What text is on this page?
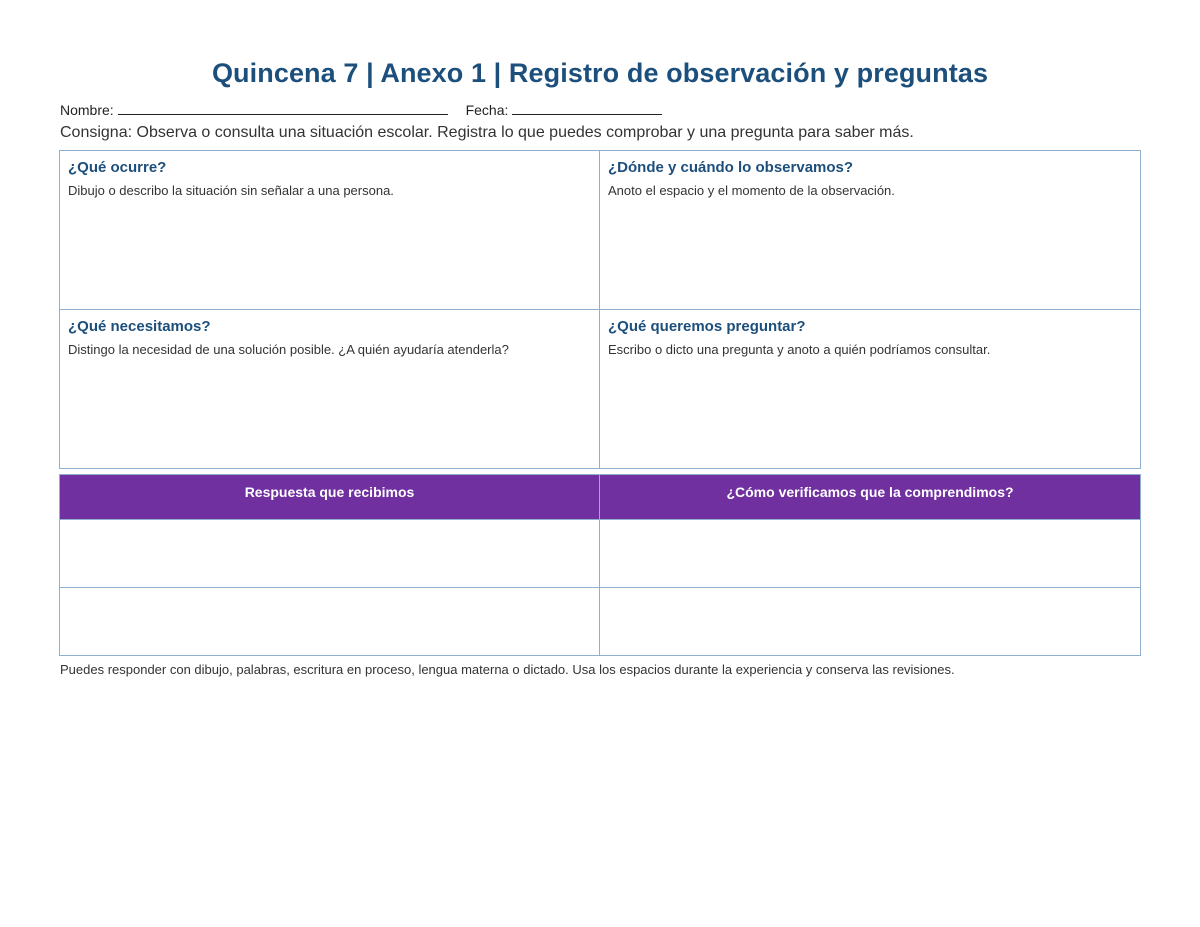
Quincena 7 | Anexo 1 | Registro de observación y preguntas
Nombre:	Fecha:
Consigna: Observa o consulta una situación escolar. Registra lo que puedes comprobar y una pregunta para saber más.
¿Qué ocurre?
Dibujo o describo la situación sin señalar a una persona.
¿Dónde y cuándo lo observamos?
Anoto el espacio y el momento de la observación.
¿Qué necesitamos?
Distingo la necesidad de una solución posible. ¿A quién ayudaría atenderla?
¿Qué queremos preguntar?
Escribo o dicto una pregunta y anoto a quién podríamos consultar.
Respuesta que recibimos	¿Cómo verificamos que la comprendimos?
Puedes responder con dibujo, palabras, escritura en proceso, lengua materna o dictado. Usa los espacios durante la experiencia y conserva las revisiones.
